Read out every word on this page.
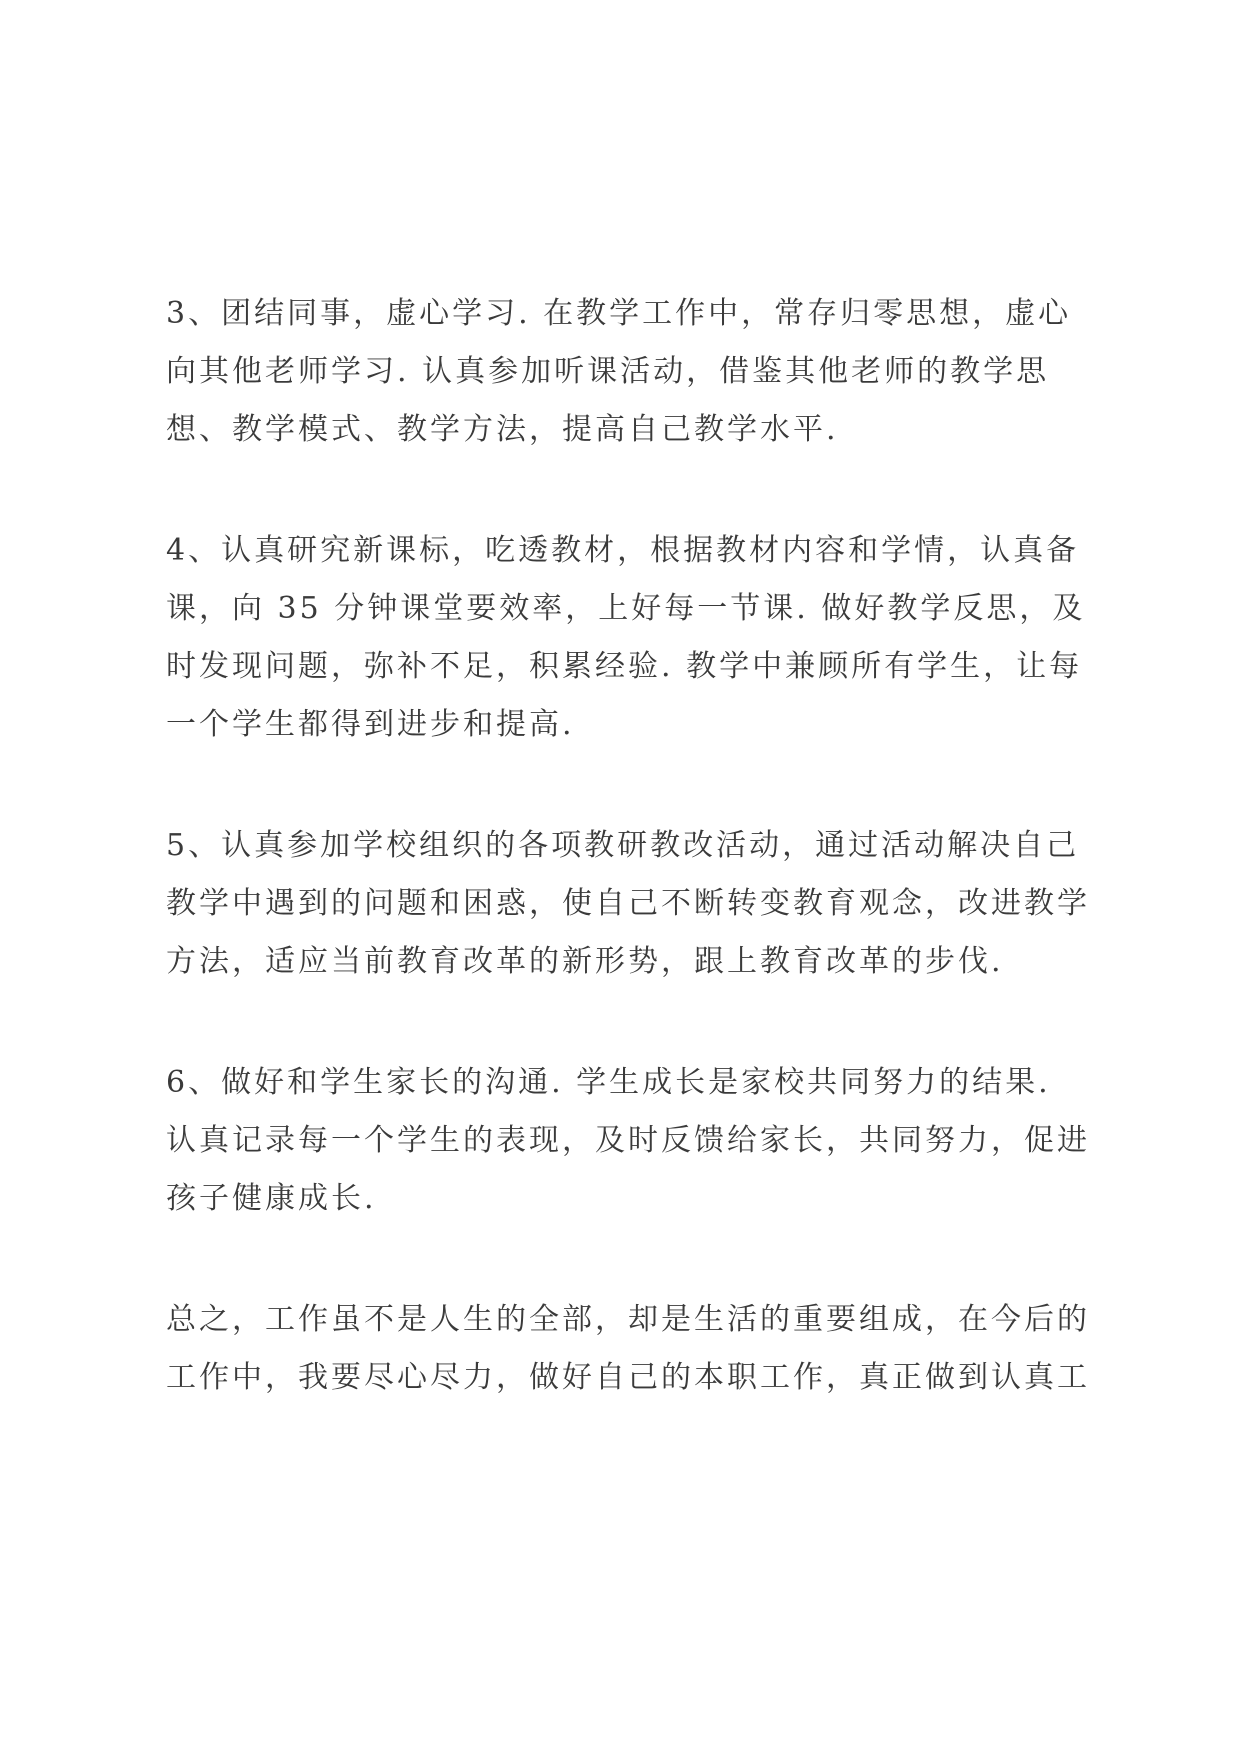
3、团结同事，虚心学习. 在教学工作中，常存归零思想，虚心
向其他老师学习. 认真参加听课活动，借鉴其他老师的教学思
想、教学模式、教学方法，提高自己教学水平.
4、认真研究新课标，吃透教材，根据教材内容和学情，认真备
课，向 35 分钟课堂要效率，上好每一节课. 做好教学反思，及
时发现问题，弥补不足，积累经验. 教学中兼顾所有学生，让每
一个学生都得到进步和提高.
5、认真参加学校组织的各项教研教改活动，通过活动解决自己
教学中遇到的问题和困惑，使自己不断转变教育观念，改进教学
方法，适应当前教育改革的新形势，跟上教育改革的步伐.
6、做好和学生家长的沟通. 学生成长是家校共同努力的结果.
认真记录每一个学生的表现，及时反馈给家长，共同努力，促进
孩子健康成长.
总之，工作虽不是人生的全部，却是生活的重要组成，在今后的
工作中，我要尽心尽力，做好自己的本职工作，真正做到认真工
